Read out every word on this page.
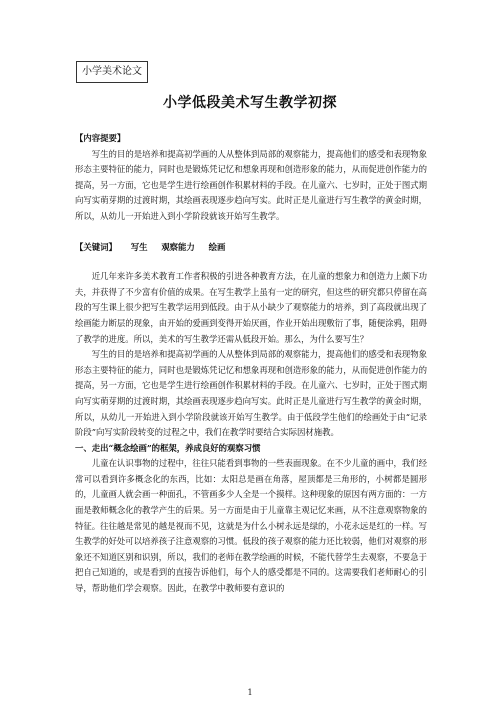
小学美术论文
小学低段美术写生教学初探

【内容提要】

写生的目的是培养和提高初学画的人从整体到局部的观察能力，提高他们的感受和表现物象形态主要特征的能力，同时也是锻炼凭记忆和想象再现和创造形象的能力，从而促进创作能力的提高，另一方面，它也是学生进行绘画创作积累材料的手段。在儿童六、七岁时，正处于图式期向写实萌芽期的过渡时期，其绘画表现逐步趋向写实。此时正是儿童进行写生教学的黄金时期，所以，从幼儿一开始进入到小学阶段就该开始写生教学。

【关键词】 写生 观察能力 绘画

近几年来许多美术教育工作者积极的引进各种教育方法，在儿童的想象力和创造力上颇下功夫，并获得了不少富有价值的成果。在写生教学上虽有一定的研究，但这些的研究都只停留在高段的写生课上很少把写生教学运用到低段。由于从小缺少了观察能力的培养，到了高段就出现了绘画能力断层的现象，由开始的爱画到变得开始厌画，作业开始出现敷衍了事，随便涂鸦，阻碍了教学的进度。所以，美术的写生教学还需从低段开始。那么，为什么要写生？

写生的目的是培养和提高初学画的人从整体到局部的观察能力，提高他们的感受和表现物象形态主要特征的能力，同时也是锻炼凭记忆和想象再现和创造形象的能力，从而促进创作能力的提高，另一方面，它也是学生进行绘画创作积累材料的手段。在儿童六、七岁时，正处于图式期向写实萌芽期的过渡时期，其绘画表现逐步趋向写实。此时正是儿童进行写生教学的黄金时期，所以，从幼儿一开始进入到小学阶段就该开始写生教学。由于低段学生他们的绘画处于由“记录阶段”向写实阶段转变的过程之中，我们在教学时要结合实际因材施教。

一、走出“概念绘画”的框架，养成良好的观察习惯

儿童在认识事物的过程中，往往只能看到事物的一些表面现象。在不少儿童的画中，我们经常可以看到许多概念化的东西，比如：太阳总是画在角落，屋顶都是三角形的，小树都是圆形的，儿童画人就会画一种面孔，不管画多少人全是一个摸样。这种现象的原因有两方面的：一方面是教师概念化的教学产生的后果。另一方面是由于儿童靠主观记忆来画，从不注意观察物象的特征。往往越是常见的越是视而不见，这就是为什么小树永远是绿的，小花永远是红的一样。写生教学的好处可以培养孩子注意观察的习惯。低段的孩子观察的能力还比较弱，他们对观察的形象还不知道区别和识别，所以，我们的老师在教学绘画的时候，不能代替学生去观察，不要急于把自己知道的，或是看到的直接告诉他们，每个人的感受都是不同的。这需要我们老师耐心的引导，帮助他们学会观察。因此，在教学中教师要有意识的

1
